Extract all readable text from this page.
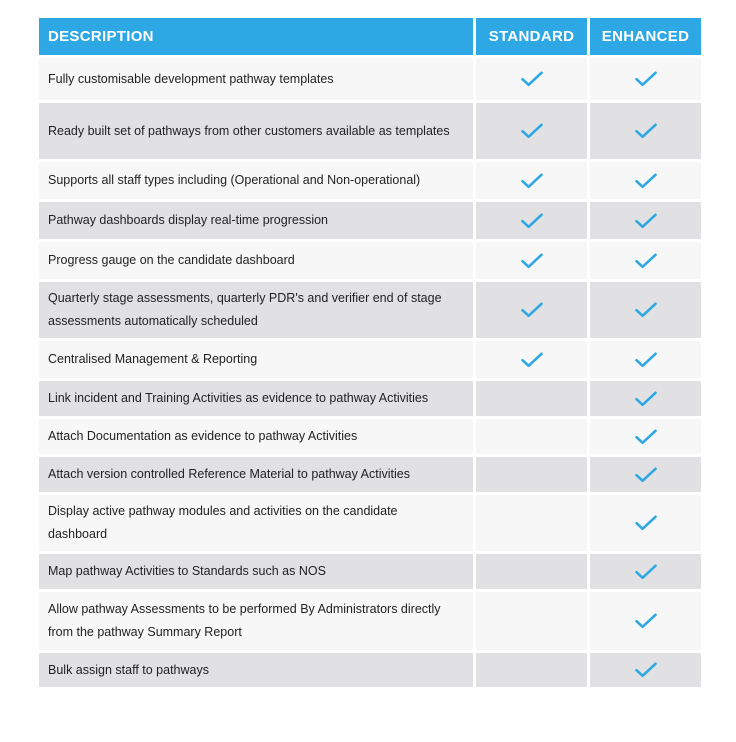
DESCRIPTION	STANDARD	ENHANCED
Fully customisable development pathway templates
Ready built set of pathways from other customers available as templates
Supports all staff types including (Operational and Non-operational)
Pathway dashboards display real-time progression
Progress gauge on the candidate dashboard
Quarterly stage assessments, quarterly PDR's and verifier end of stage assessments automatically scheduled
Centralised Management & Reporting
Link incident and Training Activities as evidence to pathway Activities
Attach Documentation as evidence to pathway Activities
Attach version controlled Reference Material to pathway Activities
Display active pathway modules and activities on the candidate dashboard
Map pathway Activities to Standards such as NOS
Allow pathway Assessments to be performed By Administrators directly from the pathway Summary Report
Bulk assign staff to pathways
